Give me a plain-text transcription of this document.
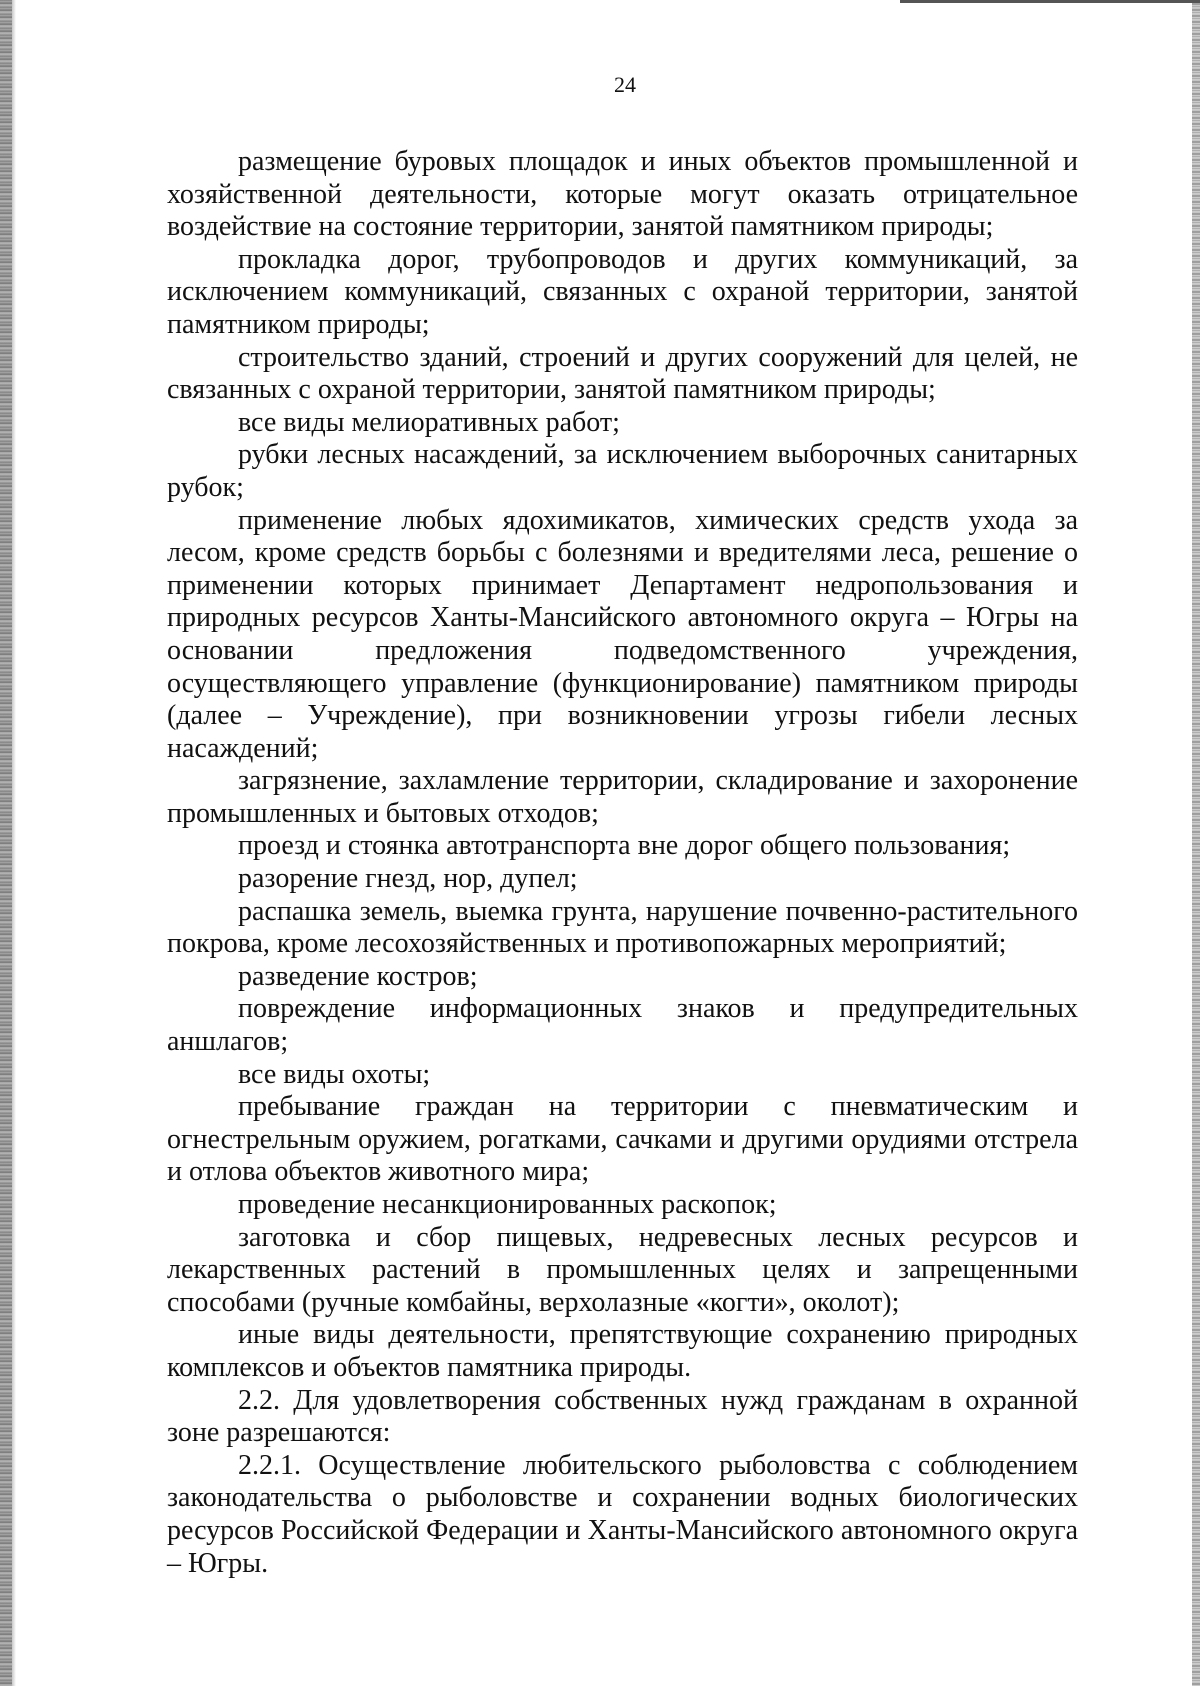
24

размещение буровых площадок и иных объектов промышленной и хозяйственной деятельности, которые могут оказать отрицательное воздействие на состояние территории, занятой памятником природы;

прокладка дорог, трубопроводов и других коммуникаций, за исключением коммуникаций, связанных с охраной территории, занятой памятником природы;

строительство зданий, строений и других сооружений для целей, не связанных с охраной территории, занятой памятником природы;

все виды мелиоративных работ;

рубки лесных насаждений, за исключением выборочных санитарных рубок;

применение любых ядохимикатов, химических средств ухода за лесом, кроме средств борьбы с болезнями и вредителями леса, решение о применении которых принимает Департамент недропользования и природных ресурсов Ханты-Мансийского автономного округа – Югры на основании предложения подведомственного учреждения, осуществляющего управление (функционирование) памятником природы (далее – Учреждение), при возникновении угрозы гибели лесных насаждений;

загрязнение, захламление территории, складирование и захоронение промышленных и бытовых отходов;

проезд и стоянка автотранспорта вне дорог общего пользования;

разорение гнезд, нор, дупел;

распашка земель, выемка грунта, нарушение почвенно-растительного покрова, кроме лесохозяйственных и противопожарных мероприятий;

разведение костров;

повреждение информационных знаков и предупредительных аншлагов;

все виды охоты;

пребывание граждан на территории с пневматическим и огнестрельным оружием, рогатками, сачками и другими орудиями отстрела и отлова объектов животного мира;

проведение несанкционированных раскопок;

заготовка и сбор пищевых, недревесных лесных ресурсов и лекарственных растений в промышленных целях и запрещенными способами (ручные комбайны, верхолазные «когти», околот);

иные виды деятельности, препятствующие сохранению природных комплексов и объектов памятника природы.

2.2. Для удовлетворения собственных нужд гражданам в охранной зоне разрешаются:

2.2.1. Осуществление любительского рыболовства с соблюдением законодательства о рыболовстве и сохранении водных биологических ресурсов Российской Федерации и Ханты-Мансийского автономного округа – Югры.
